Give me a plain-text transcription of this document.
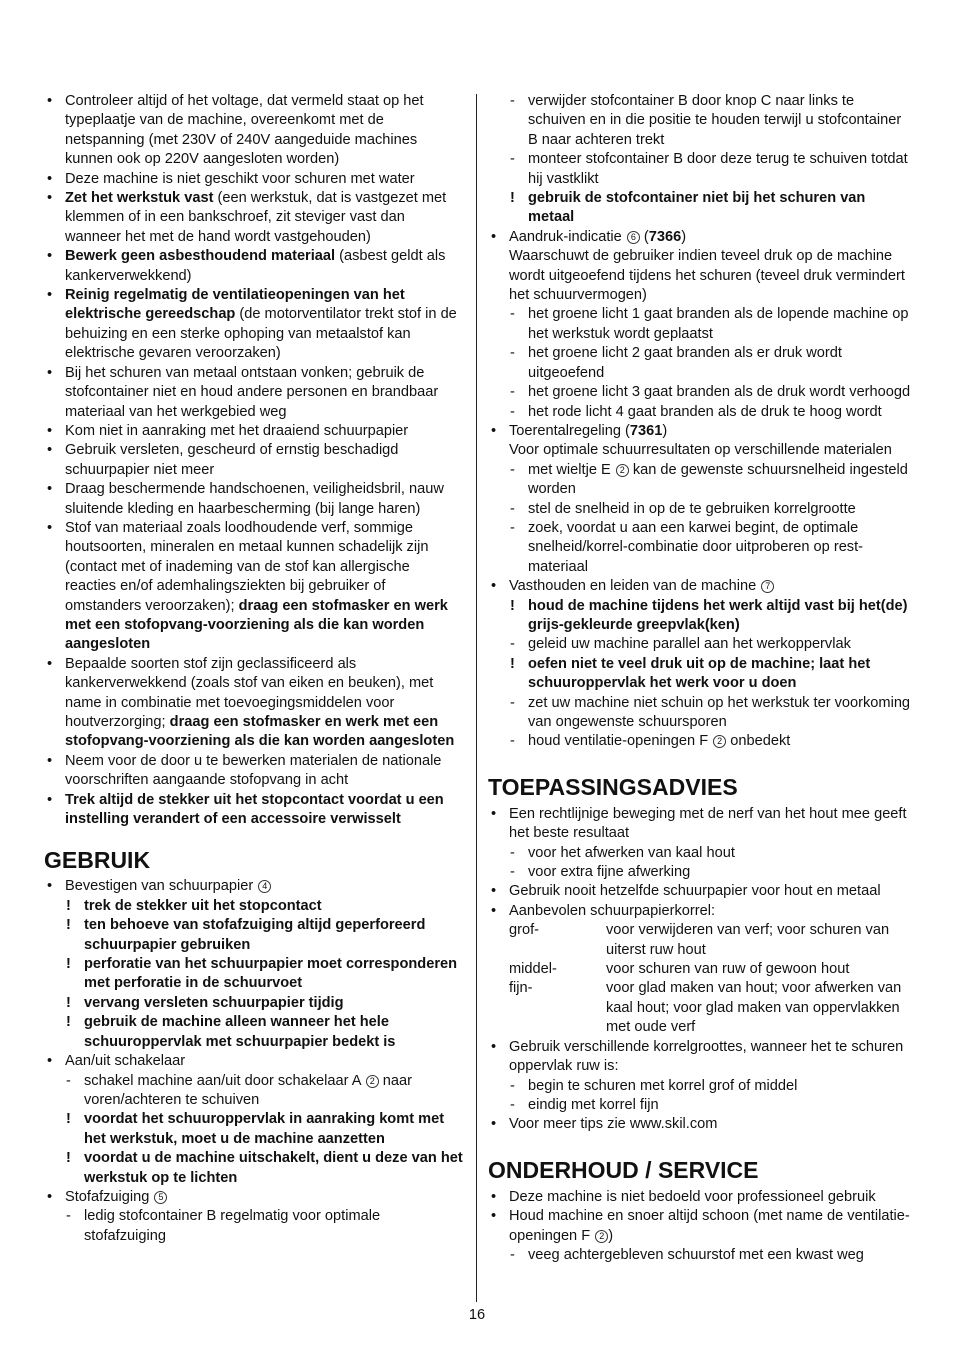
• Controleer altijd of het voltage, dat vermeld staat op het typeplaatje van de machine, overeenkomt met de netspanning (met 230V of 240V aangeduide machines kunnen ook op 220V aangesloten worden)
• Deze machine is niet geschikt voor schuren met water
• Zet het werkstuk vast (een werkstuk, dat is vastgezet met klemmen of in een bankschroef, zit steviger vast dan wanneer het met de hand wordt vastgehouden)
• Bewerk geen asbesthoudend materiaal (asbest geldt als kankerverwekkend)
• Reinig regelmatig de ventilatieopeningen van het elektrische gereedschap (de motorventilator trekt stof in de behuizing en een sterke ophoping van metaalstof kan elektrische gevaren veroorzaken)
• Bij het schuren van metaal ontstaan vonken; gebruik de stofcontainer niet en houd andere personen en brandbaar materiaal van het werkgebied weg
• Kom niet in aanraking met het draaiend schuurpapier
• Gebruik versleten, gescheurd of ernstig beschadigd schuurpapier niet meer
• Draag beschermende handschoenen, veiligheidsbril, nauw sluitende kleding en haarbescherming (bij lange haren)
• Stof van materiaal zoals loodhoudende verf, sommige houtsoorten, mineralen en metaal kunnen schadelijk zijn (contact met of inademing van de stof kan allergische reacties en/of ademhalingsziekten bij gebruiker of omstanders veroorzaken); draag een stofmasker en werk met een stofopvang-voorziening als die kan worden aangesloten
• Bepaalde soorten stof zijn geclassificeerd als kankerverwekkend (zoals stof van eiken en beuken), met name in combinatie met toevoegingsmiddelen voor houtverzorging; draag een stofmasker en werk met een stofopvang-voorziening als die kan worden aangesloten
• Neem voor de door u te bewerken materialen de nationale voorschriften aangaande stofopvang in acht
• Trek altijd de stekker uit het stopcontact voordat u een instelling verandert of een accessoire verwisselt
GEBRUIK
• Bevestigen van schuurpapier 4
! trek de stekker uit het stopcontact
! ten behoeve van stofafzuiging altijd geperforeerd schuurpapier gebruiken
! perforatie van het schuurpapier moet corresponderen met perforatie in de schuurvoet
! vervang versleten schuurpapier tijdig
! gebruik de machine alleen wanneer het hele schuuroppervlak met schuurpapier bedekt is
• Aan/uit schakelaar
- schakel machine aan/uit door schakelaar A 2 naar voren/achteren te schuiven
! voordat het schuuroppervlak in aanraking komt met het werkstuk, moet u de machine aanzetten
! voordat u de machine uitschakelt, dient u deze van het werkstuk op te lichten
• Stofafzuiging 5
- ledig stofcontainer B regelmatig voor optimale stofafzuiging
- verwijder stofcontainer B door knop C naar links te schuiven en in die positie te houden terwijl u stofcontainer B naar achteren trekt
- monteer stofcontainer B door deze terug te schuiven totdat hij vastklikt
! gebruik de stofcontainer niet bij het schuren van metaal
• Aandruk-indicatie 6 (7366)
Waarschuwt de gebruiker indien teveel druk op de machine wordt uitgeoefend tijdens het schuren (teveel druk vermindert het schuurvermogen)
- het groene licht 1 gaat branden als de lopende machine op het werkstuk wordt geplaatst
- het groene licht 2 gaat branden als er druk wordt uitgeoefend
- het groene licht 3 gaat branden als de druk wordt verhoogd
- het rode licht 4 gaat branden als de druk te hoog wordt
• Toerentalregeling (7361)
Voor optimale schuurresultaten op verschillende materialen
- met wieltje E 2 kan de gewenste schuursnelheid ingesteld worden
- stel de snelheid in op de te gebruiken korrelgrootte
- zoek, voordat u aan een karwei begint, de optimale snelheid/korrel-combinatie door uitproberen op rest-materiaal
• Vasthouden en leiden van de machine 7
! houd de machine tijdens het werk altijd vast bij het(de) grijs-gekleurde greepvlak(ken)
- geleid uw machine parallel aan het werkoppervlak
! oefen niet te veel druk uit op de machine; laat het schuuroppervlak het werk voor u doen
- zet uw machine niet schuin op het werkstuk ter voorkoming van ongewenste schuursporen
- houd ventilatie-openingen F 2 onbedekt
TOEPASSINGSADVIES
• Een rechtlijnige beweging met de nerf van het hout mee geeft het beste resultaat
- voor het afwerken van kaal hout
- voor extra fijne afwerking
• Gebruik nooit hetzelfde schuurpapier voor hout en metaal
• Aanbevolen schuurpapierkorrel:
grof-	voor verwijderen van verf; voor schuren van uiterst ruw hout
middel-	voor schuren van ruw of gewoon hout
fijn-	voor glad maken van hout; voor afwerken van kaal hout; voor glad maken van oppervlakken met oude verf
• Gebruik verschillende korrelgroottes, wanneer het te schuren oppervlak ruw is:
- begin te schuren met korrel grof of middel
- eindig met korrel fijn
• Voor meer tips zie www.skil.com
ONDERHOUD / SERVICE
• Deze machine is niet bedoeld voor professioneel gebruik
• Houd machine en snoer altijd schoon (met name de ventilatie-openingen F 2 )
- veeg achtergebleven schuurstof met een kwast weg
16
